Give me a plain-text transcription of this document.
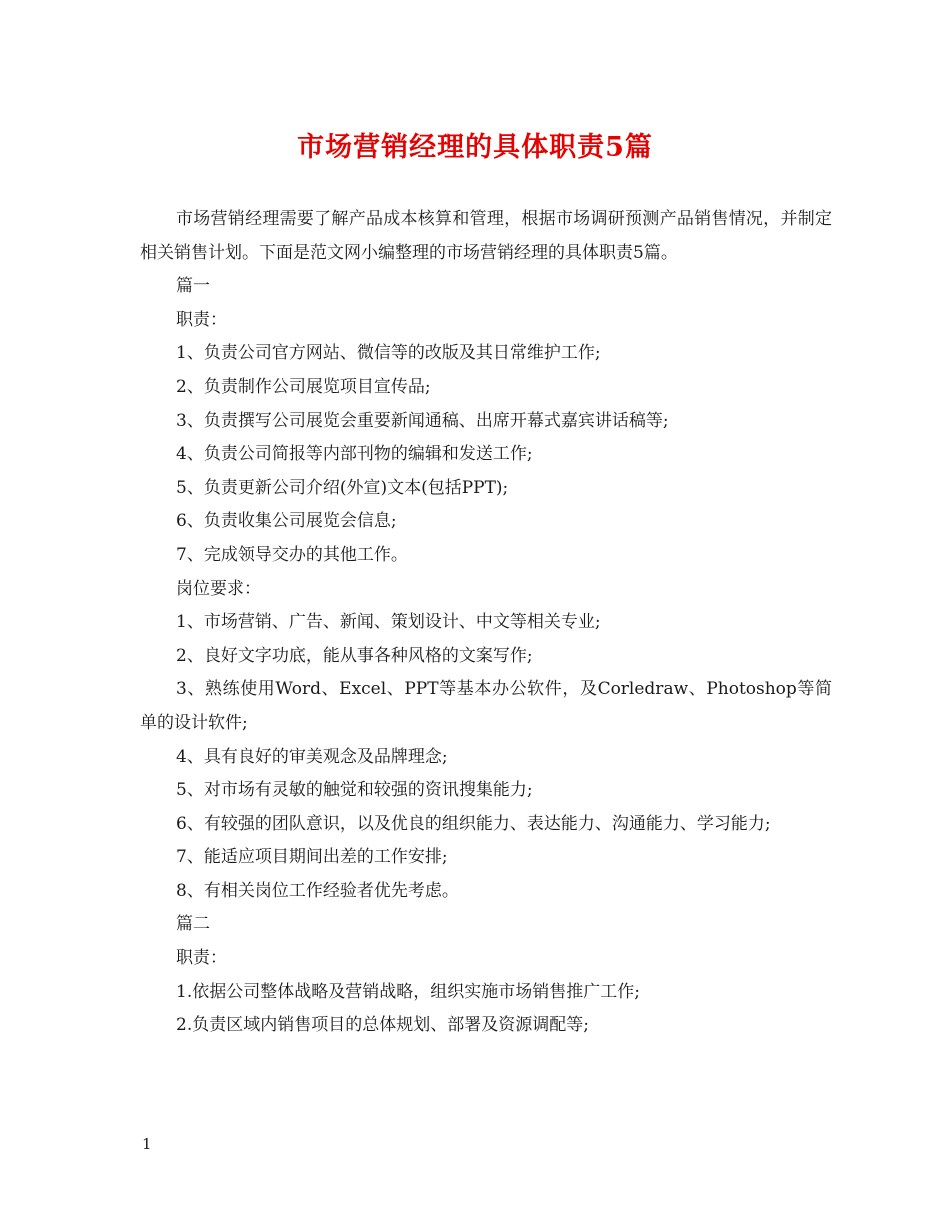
市场营销经理的具体职责5篇

市场营销经理需要了解产品成本核算和管理，根据市场调研预测产品销售情况，并制定相关销售计划。下面是范文网小编整理的市场营销经理的具体职责5篇。

篇一

职责：

1、负责公司官方网站、微信等的改版及其日常维护工作;

2、负责制作公司展览项目宣传品;

3、负责撰写公司展览会重要新闻通稿、出席开幕式嘉宾讲话稿等;

4、负责公司简报等内部刊物的编辑和发送工作;

5、负责更新公司介绍(外宣)文本(包括PPT);

6、负责收集公司展览会信息;

7、完成领导交办的其他工作。

岗位要求：

1、市场营销、广告、新闻、策划设计、中文等相关专业;

2、良好文字功底，能从事各种风格的文案写作;

3、熟练使用Word、Excel、PPT等基本办公软件，及Corledraw、Photoshop等简单的设计软件;

4、具有良好的审美观念及品牌理念;

5、对市场有灵敏的触觉和较强的资讯搜集能力;

6、有较强的团队意识，以及优良的组织能力、表达能力、沟通能力、学习能力;

7、能适应项目期间出差的工作安排;

8、有相关岗位工作经验者优先考虑。

篇二

职责：

1.依据公司整体战略及营销战略，组织实施市场销售推广工作;

2.负责区域内销售项目的总体规划、部署及资源调配等;

1
